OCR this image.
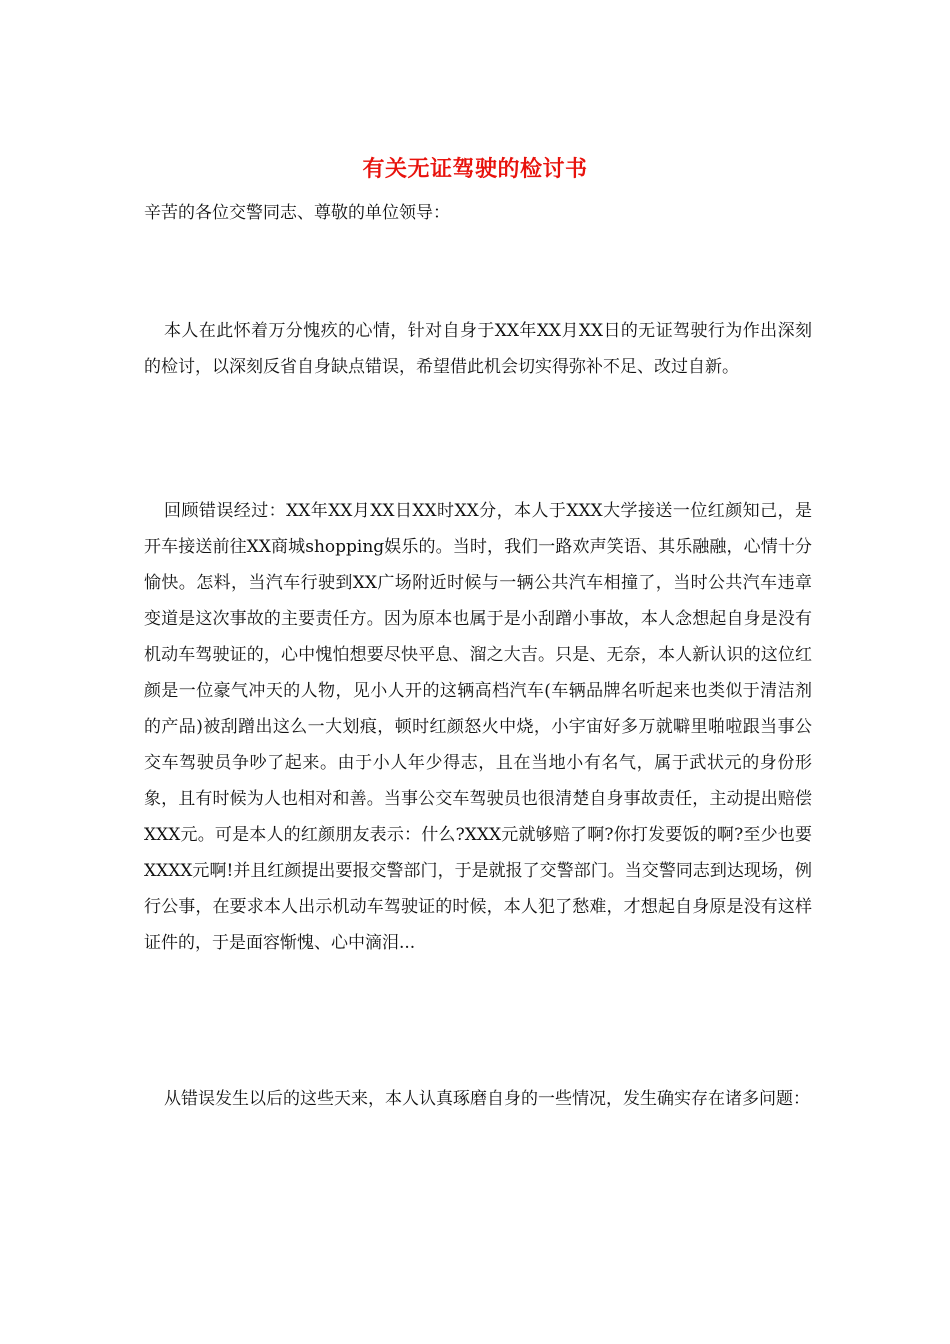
有关无证驾驶的检讨书
辛苦的各位交警同志、尊敬的单位领导：

本人在此怀着万分愧疚的心情，针对自身于XX年XX月XX日的无证驾驶行为作出深刻的检讨，以深刻反省自身缺点错误，希望借此机会切实得弥补不足、改过自新。

回顾错误经过：XX年XX月XX日XX时XX分，本人于XXX大学接送一位红颜知己，是开车接送前往XX商城shopping娱乐的。当时，我们一路欢声笑语、其乐融融，心情十分愉快。怎料，当汽车行驶到XX广场附近时候与一辆公共汽车相撞了，当时公共汽车违章变道是这次事故的主要责任方。因为原本也属于是小刮蹭小事故，本人念想起自身是没有机动车驾驶证的，心中愧怕想要尽快平息、溜之大吉。只是、无奈，本人新认识的这位红颜是一位豪气冲天的人物，见小人开的这辆高档汽车(车辆品牌名听起来也类似于清洁剂的产品)被刮蹭出这么一大划痕，顿时红颜怒火中烧，小宇宙好多万就噼里啪啦跟当事公交车驾驶员争吵了起来。由于小人年少得志，且在当地小有名气，属于武状元的身份形象，且有时候为人也相对和善。当事公交车驾驶员也很清楚自身事故责任，主动提出赔偿XXX元。可是本人的红颜朋友表示：什么?XXX元就够赔了啊?你打发要饭的啊?至少也要XXXX元啊!并且红颜提出要报交警部门，于是就报了交警部门。当交警同志到达现场，例行公事，在要求本人出示机动车驾驶证的时候，本人犯了愁难，才想起自身原是没有这样证件的，于是面容惭愧、心中滴泪...

从错误发生以后的这些天来，本人认真琢磨自身的一些情况，发生确实存在诸多问题：
